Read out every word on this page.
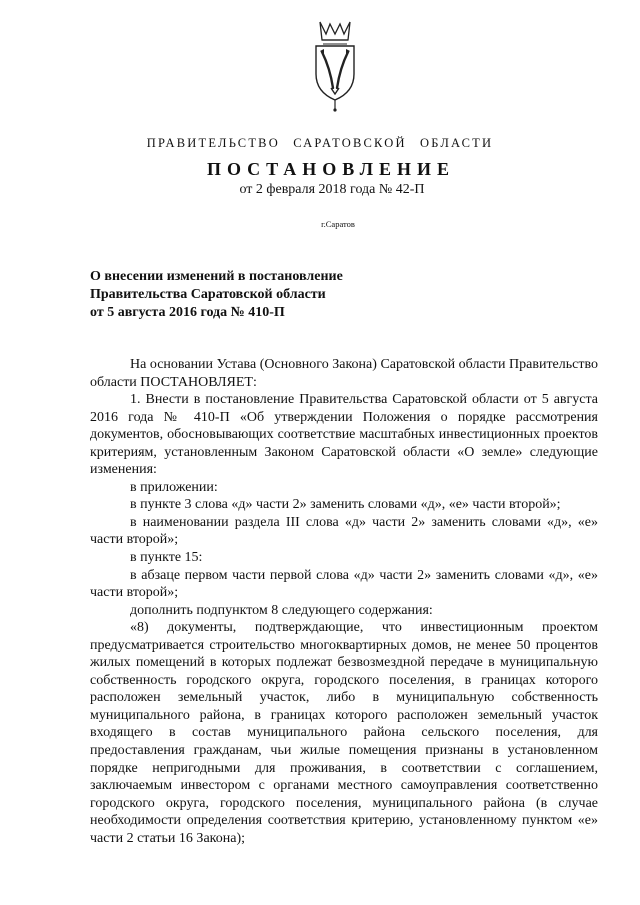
ПРАВИТЕЛЬСТВО САРАТОВСКОЙ ОБЛАСТИ
ПОСТАНОВЛЕНИЕ
от 2 февраля 2018 года № 42-П
г.Саратов
О внесении изменений в постановление
Правительства Саратовской области
от 5 августа 2016 года № 410-П

На основании Устава (Основного Закона) Саратовской области Правительство области ПОСТАНОВЛЯЕТ:

1. Внести в постановление Правительства Саратовской области от 5 августа 2016 года № 410-П «Об утверждении Положения о порядке рассмотрения документов, обосновывающих соответствие масштабных инвестиционных проектов критериям, установленным Законом Саратовской области «О земле» следующие изменения:

в приложении:

в пункте 3 слова «д» части 2» заменить словами «д», «е» части второй»;

в наименовании раздела III слова «д» части 2» заменить словами «д», «е» части второй»;

в пункте 15:

в абзаце первом части первой слова «д» части 2» заменить словами «д», «е» части второй»;

дополнить подпунктом 8 следующего содержания:

«8) документы, подтверждающие, что инвестиционным проектом предусматривается строительство многоквартирных домов, не менее 50 процентов жилых помещений в которых подлежат безвозмездной передаче в муниципальную собственность городского округа, городского поселения, в границах которого расположен земельный участок, либо в муниципальную собственность муниципального района, в границах которого расположен земельный участок входящего в состав муниципального района сельского поселения, для предоставления гражданам, чьи жилые помещения признаны в установленном порядке непригодными для проживания, в соответствии с соглашением, заключаемым инвестором с органами местного самоуправления соответственно городского округа, городского поселения, муниципального района (в случае необходимости определения соответствия критерию, установленному пунктом «е» части 2 статьи 16 Закона);
